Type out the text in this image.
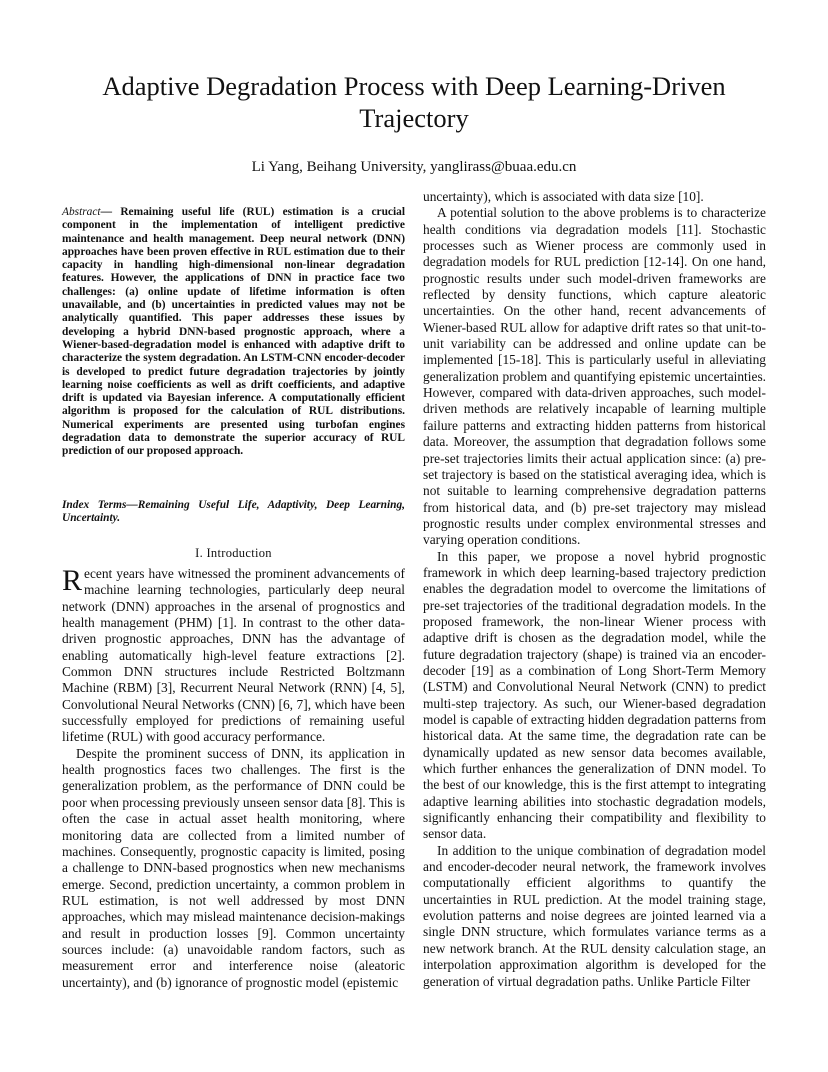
Adaptive Degradation Process with Deep Learning-Driven Trajectory
Li Yang, Beihang University, yanglirass@buaa.edu.cn
Abstract— Remaining useful life (RUL) estimation is a crucial component in the implementation of intelligent predictive maintenance and health management. Deep neural network (DNN) approaches have been proven effective in RUL estimation due to their capacity in handling high-dimensional non-linear degradation features. However, the applications of DNN in practice face two challenges: (a) online update of lifetime information is often unavailable, and (b) uncertainties in predicted values may not be analytically quantified. This paper addresses these issues by developing a hybrid DNN-based prognostic approach, where a Wiener-based-degradation model is enhanced with adaptive drift to characterize the system degradation. An LSTM-CNN encoder-decoder is developed to predict future degradation trajectories by jointly learning noise coefficients as well as drift coefficients, and adaptive drift is updated via Bayesian inference. A computationally efficient algorithm is proposed for the calculation of RUL distributions. Numerical experiments are presented using turbofan engines degradation data to demonstrate the superior accuracy of RUL prediction of our proposed approach.
Index Terms—Remaining Useful Life, Adaptivity, Deep Learning, Uncertainty.
I. Introduction

Recent years have witnessed the prominent advancements of machine learning technologies, particularly deep neural network (DNN) approaches in the arsenal of prognostics and health management (PHM) [1]. In contrast to the other data-driven prognostic approaches, DNN has the advantage of enabling automatically high-level feature extractions [2]. Common DNN structures include Restricted Boltzmann Machine (RBM) [3], Recurrent Neural Network (RNN) [4, 5], Convolutional Neural Networks (CNN) [6, 7], which have been successfully employed for predictions of remaining useful lifetime (RUL) with good accuracy performance.

Despite the prominent success of DNN, its application in health prognostics faces two challenges. The first is the generalization problem, as the performance of DNN could be poor when processing previously unseen sensor data [8]. This is often the case in actual asset health monitoring, where monitoring data are collected from a limited number of machines. Consequently, prognostic capacity is limited, posing a challenge to DNN-based prognostics when new mechanisms emerge. Second, prediction uncertainty, a common problem in RUL estimation, is not well addressed by most DNN approaches, which may mislead maintenance decision-makings and result in production losses [9]. Common uncertainty sources include: (a) unavoidable random factors, such as measurement error and interference noise (aleatoric uncertainty), and (b) ignorance of prognostic model (epistemic

uncertainty), which is associated with data size [10].

A potential solution to the above problems is to characterize health conditions via degradation models [11]. Stochastic processes such as Wiener process are commonly used in degradation models for RUL prediction [12-14]. On one hand, prognostic results under such model-driven frameworks are reflected by density functions, which capture aleatoric uncertainties. On the other hand, recent advancements of Wiener-based RUL allow for adaptive drift rates so that unit-to-unit variability can be addressed and online update can be implemented [15-18]. This is particularly useful in alleviating generalization problem and quantifying epistemic uncertainties. However, compared with data-driven approaches, such model-driven methods are relatively incapable of learning multiple failure patterns and extracting hidden patterns from historical data. Moreover, the assumption that degradation follows some pre-set trajectories limits their actual application since: (a) pre-set trajectory is based on the statistical averaging idea, which is not suitable to learning comprehensive degradation patterns from historical data, and (b) pre-set trajectory may mislead prognostic results under complex environmental stresses and varying operation conditions.

In this paper, we propose a novel hybrid prognostic framework in which deep learning-based trajectory prediction enables the degradation model to overcome the limitations of pre-set trajectories of the traditional degradation models. In the proposed framework, the non-linear Wiener process with adaptive drift is chosen as the degradation model, while the future degradation trajectory (shape) is trained via an encoder-decoder [19] as a combination of Long Short-Term Memory (LSTM) and Convolutional Neural Network (CNN) to predict multi-step trajectory. As such, our Wiener-based degradation model is capable of extracting hidden degradation patterns from historical data. At the same time, the degradation rate can be dynamically updated as new sensor data becomes available, which further enhances the generalization of DNN model. To the best of our knowledge, this is the first attempt to integrating adaptive learning abilities into stochastic degradation models, significantly enhancing their compatibility and flexibility to sensor data.

In addition to the unique combination of degradation model and encoder-decoder neural network, the framework involves computationally efficient algorithms to quantify the uncertainties in RUL prediction. At the model training stage, evolution patterns and noise degrees are jointed learned via a single DNN structure, which formulates variance terms as a new network branch. At the RUL density calculation stage, an interpolation approximation algorithm is developed for the generation of virtual degradation paths. Unlike Particle Filter
